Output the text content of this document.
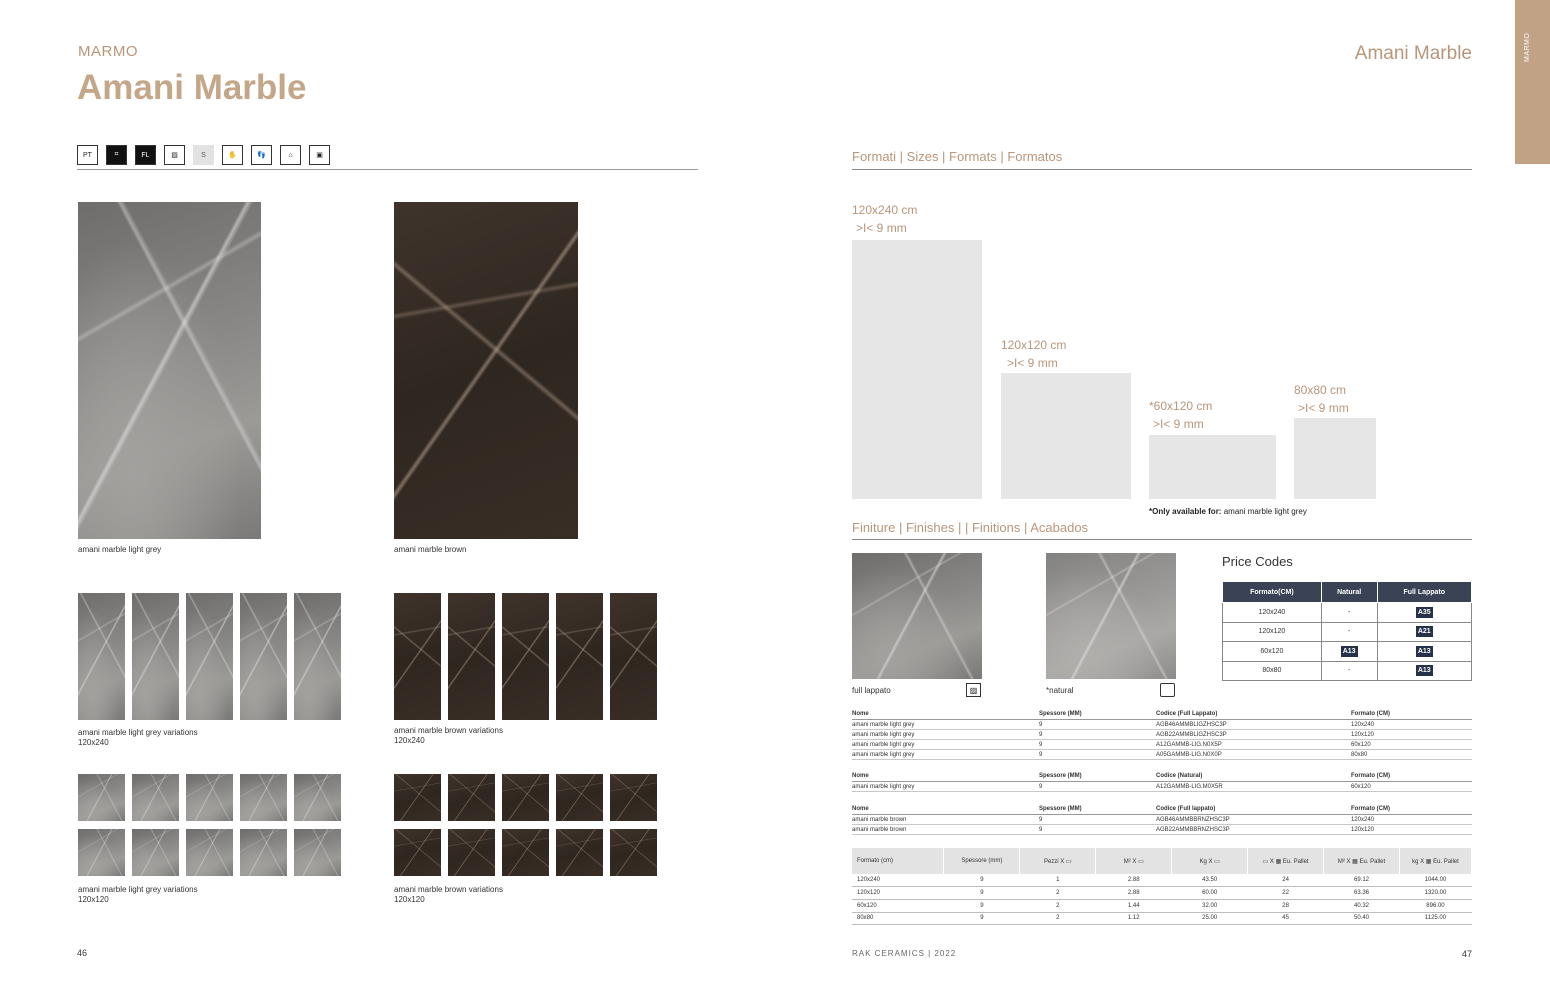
MARMO
Amani Marble
PT	⌗	FL	▨	S	✋	👣	⌂	▣
amani marble light grey	amani marble brown
amani marble light grey variations
120x240
amani marble brown variations
120x240
amani marble light grey variations
120x120
amani marble brown variations
120x120
46
MARMO
Amani Marble
Formati | Sizes | Formats | Formatos
120x240 cm
>I< 9 mm
120x120 cm
>I< 9 mm
*60x120 cm
>I< 9 mm
80x80 cm
>I< 9 mm
*Only available for: amani marble light grey
Finiture | Finishes | | Finitions | Acabados
full lappato	▨	*natural
Price Codes
Formato(CM)	Natural	Full Lappato
120x240	-	A35
120x120	-	A21
60x120	A13	A13
80x80	-	A13
Nome	Spessore (MM)	Codice (Full Lappato)	Formato (CM)
amani marble light grey	9	AGB46AMMBLIGZHSC3P	120x240
amani marble light grey	9	AGB22AMMBLIGZHSC3P	120x120
amani marble light grey	9	A12GAMMB-LIG.N0X5P	60x120
amani marble light grey	9	A05GAMMB-LIG.N0X0P	80x80
Nome	Spessore (MM)	Codice (Natural)	Formato (CM)
amani marble light grey	9	A12GAMMB-LIG.M0X5R	60x120
Nome	Spessore (MM)	Codice (Full lappato)	Formato (CM)
amani marble brown	9	AGB46AMMBBRNZHSC3P	120x240
amani marble brown	9	AGB22AMMBBRNZHSC3P	120x120
Formato (cm)	Spessore (mm)	Pezzi X ▭	M² X ▭	Kg X ▭	▭ X ▦ Eu. Pallet	M² X ▦ Eu. Pallet	kg X ▦ Eu. Pallet
120x240	9	1	2.88	43.50	24	69.12	1044.00
120x120	9	2	2.88	60.00	22	63.36	1320.00
60x120	9	2	1.44	32.00	28	40.32	896.00
80x80	9	2	1.12	25.00	45	50.40	1125.00
RAK CERAMICS | 2022	47
